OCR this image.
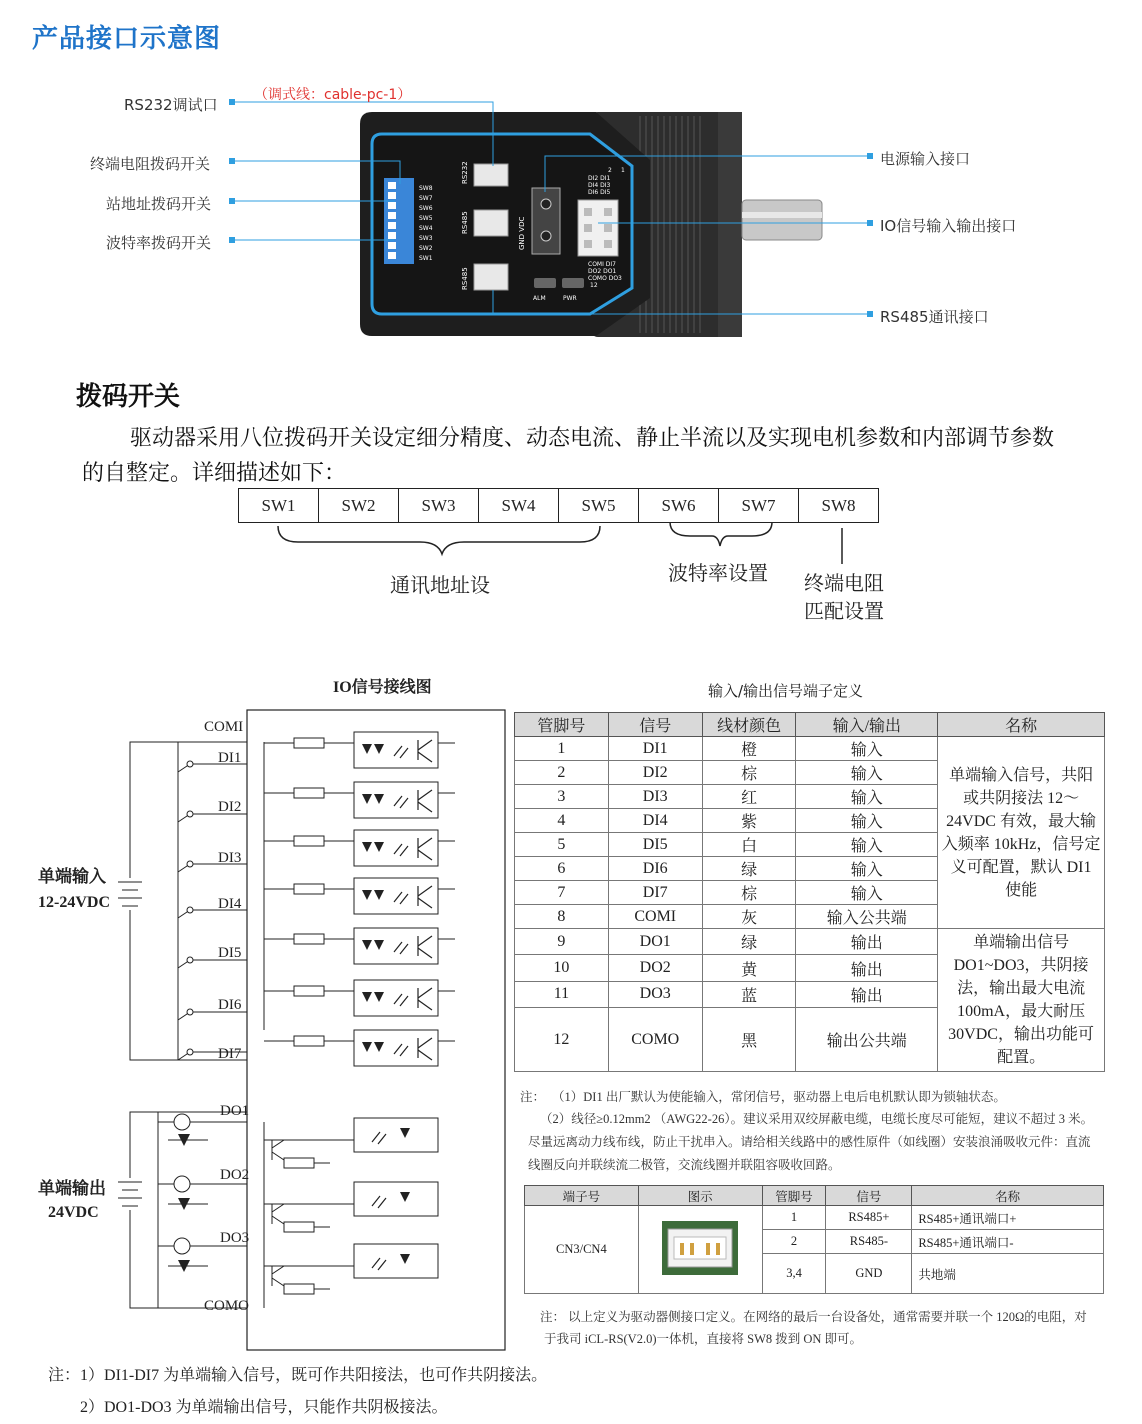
产品接口示意图
SW8
SW7
SW6
SW5
SW4
SW3
SW2
SW1
RS232
RS485
RS485
GND VDC
DI2 DI1
DI4 DI3
DI6 DI5
COMI DI7
DO2 DO1
COMO DO3
2 1
12
ALM	PWR
RS232调试口
（调式线：cable-pc-1）
终端电阻拨码开关
站地址拨码开关
波特率拨码开关
电源输入接口
IO信号输入输出接口
RS485通讯接口
拨码开关
驱动器采用八位拨码开关设定细分精度、动态电流、静止半流以及实现电机参数和内部调节参数的自整定。详细描述如下：
SW1	SW2	SW3	SW4	SW5	SW6	SW7	SW8
通讯地址设
波特率设置 终端电阻
匹配设置
IO信号接线图
COMI
DI1
DI2
DI3
DI4
DI5
DI6
DI7
DO1
DO2
DO3
COMO
单端输入
12-24VDC
单端输出
24VDC
输入/输出信号端子定义
管脚号	信号	线材颜色	输入/输出	名称
1	DI1	橙	输入	单端输入信号，共阳或共阴接法 12～24VDC 有效，最大输入频率 10kHz，信号定义可配置，默认 DI1 使能
2	DI2	棕	输入	
3	DI3	红	输入	
4	DI4	紫	输入	
5	DI5	白	输入	
6	DI6	绿	输入	
7	DI7	棕	输入	
8	COMI	灰	输入公共端	
9	DO1	绿	输出	单端输出信号 DO1~DO3，共阴接法，输出最大电流 100mA，最大耐压 30VDC，输出功能可配置。
10	DO2	黄	输出	
11	DO3	蓝	输出	
12	COMO	黑	输出公共端	
注： （1）DI1 出厂默认为使能输入，常闭信号，驱动器上电后电机默认即为锁轴状态。
（2）线径≥0.12mm2 （AWG22-26）。建议采用双绞屏蔽电缆，电缆长度尽可能短，建议不超过 3 米。
尽量远离动力线布线，防止干扰串入。请给相关线路中的感性原件（如线圈）安装浪涌吸收元件：直流
线圈反向并联续流二极管，交流线圈并联阻容吸收回路。
端子号	图示	管脚号	信号	名称
CN3/CN4		1	RS485+	RS485+通讯端口+
		2	RS485-	RS485+通讯端口-
		3,4	GND	共地端
注： 以上定义为驱动器侧接口定义。在网络的最后一台设备处，通常需要并联一个 120Ω的电阻，对
于我司 iCL-RS(V2.0)一体机，直接将 SW8 拨到 ON 即可。
注：1）DI1-DI7 为单端输入信号，既可作共阳接法，也可作共阴接法。
2）DO1-DO3 为单端输出信号，只能作共阴极接法。
